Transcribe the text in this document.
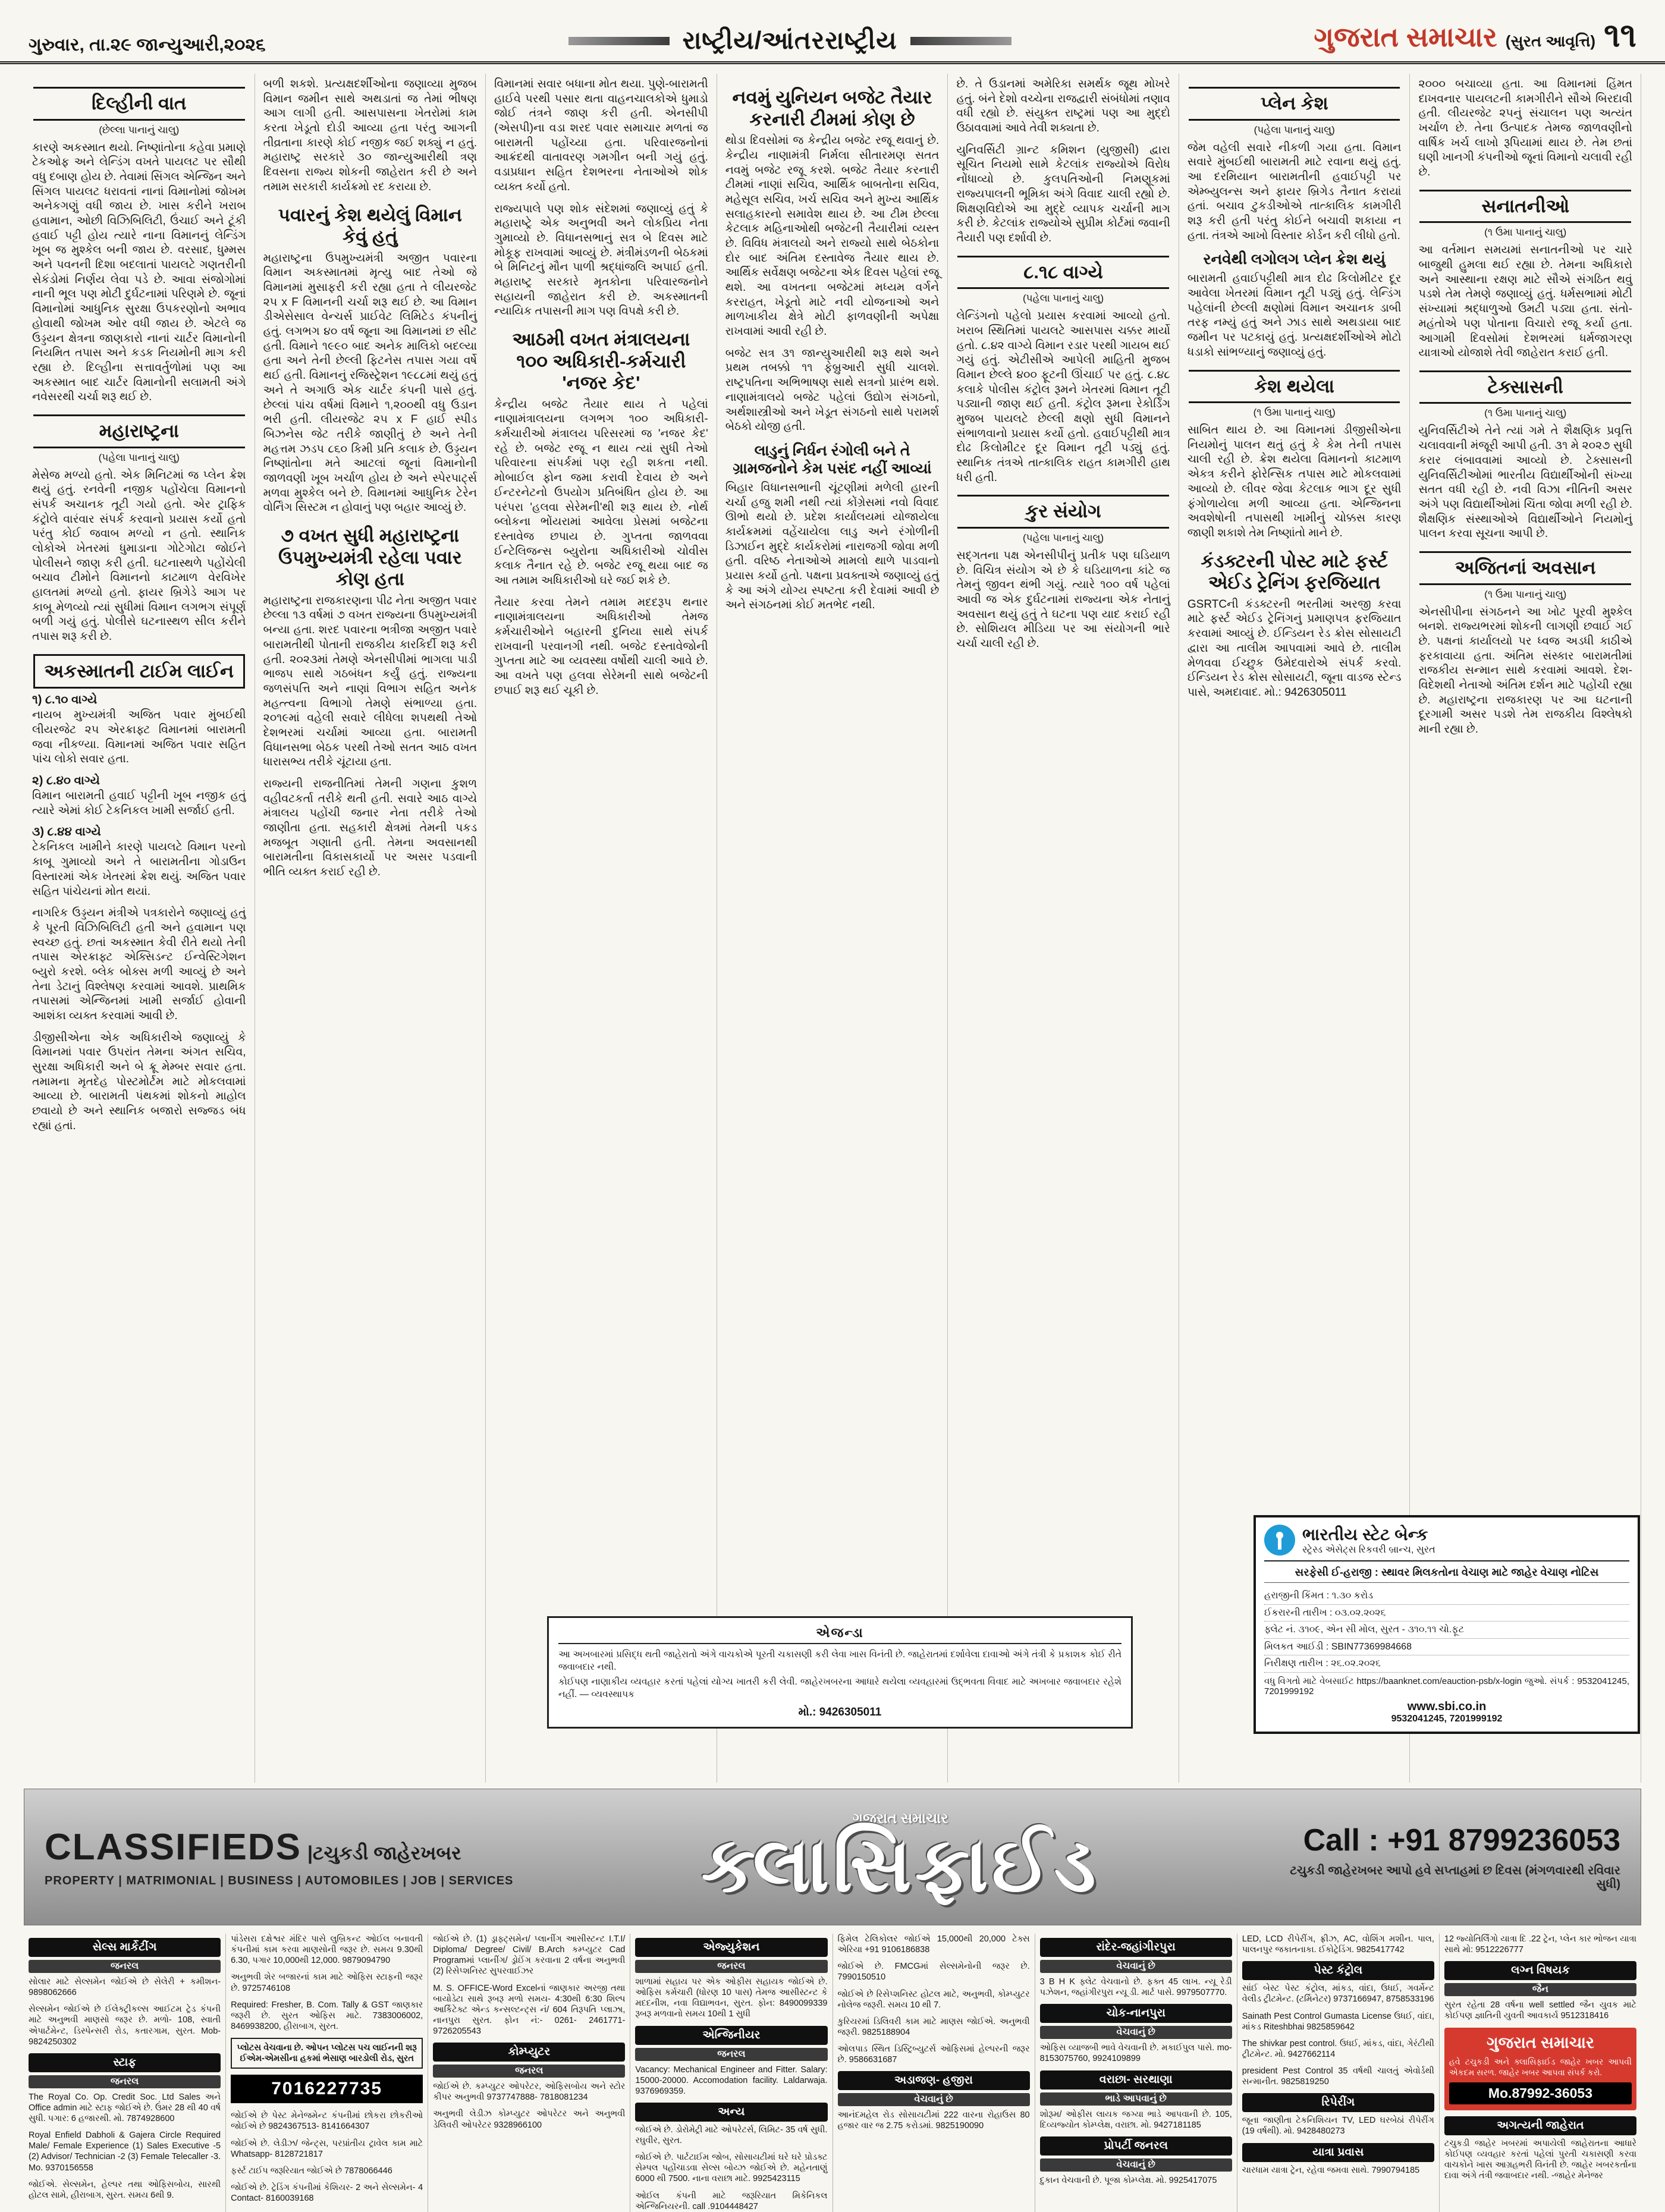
ગુરુવાર, તા.૨૯ જાન્યુઆરી,૨૦૨૬	રાષ્ટ્રીય/આંતરરાષ્ટ્રીય	ગુજરાત સમાચાર (સુરત આવૃત્તિ) ૧૧
દિલ્હીની વાત
(છેલ્લા પાનાનું ચાલુ)
કારણે અકસ્માત થયો. નિષ્ણાંતોના કહેવા પ્રમાણે ટેકઓફ અને લેન્ડિંગ વખતે પાયલટ પર સૌથી વધુ દબાણ હોય છે. તેવામાં સિંગલ એન્જિન અને સિંગલ પાયલટ ધરાવતાં નાનાં વિમાનોમાં જોખમ અનેકગણું વધી જાય છે. ખાસ કરીને ખરાબ હવામાન, ઓછી વિઝિબિલિટી, ઉંચાઈ અને ટૂંકી હવાઈ પટ્ટી હોય ત્યારે નાના વિમાનનું લેન્ડિંગ ખૂબ જ મુશ્કેલ બની જાય છે. વરસાદ, ધુમ્મસ અને પવનની દિશા બદલાતાં પાયલટે ગણતરીની સેકંડોમાં નિર્ણય લેવા પડે છે. આવા સંજોગોમાં નાની ભૂલ પણ મોટી દુર્ઘટનામાં પરિણમે છે. જૂનાં વિમાનોમાં આધુનિક સુરક્ષા ઉપકરણોનો અભાવ હોવાથી જોખમ ઓર વધી જાય છે. એટલે જ ઉડ્ડયન ક્ષેત્રના જાણકારો નાનાં ચાર્ટર વિમાનોની નિયમિત તપાસ અને કડક નિયમોની માગ કરી રહ્યા છે. દિલ્હીના સત્તાવર્તુળોમાં પણ આ અકસ્માત બાદ ચાર્ટર વિમાનોની સલામતી અંગે નવેસરથી ચર્ચા શરૂ થઈ છે.
મહારાષ્ટ્રના
(પહેલા પાનાનું ચાલુ)
મેસેજ મળ્યો હતો. એક મિનિટમાં જ પ્લેન ક્રેશ થયું હતું. રનવેની નજીક પહોંચેલા વિમાનનો સંપર્ક અચાનક તૂટી ગયો હતો. એર ટ્રાફિક કંટ્રોલે વારંવાર સંપર્ક કરવાનો પ્રયાસ કર્યો હતો પરંતુ કોઈ જવાબ મળ્યો ન હતો. સ્થાનિક લોકોએ ખેતરમાં ધુમાડાના ગોટેગોટા જોઈને પોલીસને જાણ કરી હતી. ઘટનાસ્થળે પહોંચેલી બચાવ ટીમોને વિમાનનો કાટમાળ વેરવિખેર હાલતમાં મળ્યો હતો. ફાયર બ્રિગેડે આગ પર કાબૂ મેળવ્યો ત્યાં સુધીમાં વિમાન લગભગ સંપૂર્ણ બળી ગયું હતું. પોલીસે ઘટનાસ્થળ સીલ કરીને તપાસ શરૂ કરી છે.
અકસ્માતની ટાઈમ લાઈન
૧) ૮.૧૦ વાગ્યે
નાયબ મુખ્યમંત્રી અજિત પવાર મુંબઈથી લીયરજેટ ૨૫ એરક્રાફ્ટ વિમાનમાં બારામતી જવા નીકળ્યા. વિમાનમાં અજિત પવાર સહિત પાંચ લોકો સવાર હતા.
૨) ૮.૪૦ વાગ્યે
વિમાન બારામતી હવાઈ પટ્ટીની ખૂબ નજીક હતું ત્યારે એમાં કોઈ ટેકનિકલ ખામી સર્જાઈ હતી.
૩) ૮.૪૪ વાગ્યે
ટેકનિકલ ખામીને કારણે પાયલટે વિમાન પરનો કાબૂ ગુમાવ્યો અને તે બારામતીના ગોડાઉન વિસ્તારમાં એક ખેતરમાં ક્રેશ થયું. અજિત પવાર સહિત પાંચેયનાં મોત થયાં.
નાગરિક ઉડ્ડયન મંત્રીએ પત્રકારોને જણાવ્યું હતું કે પૂરતી વિઝિબિલિટી હતી અને હવામાન પણ સ્વચ્છ હતું. છતાં અકસ્માત કેવી રીતે થયો તેની તપાસ એરક્રાફ્ટ એક્સિડન્ટ ઈન્વેસ્ટિગેશન બ્યુરો કરશે. બ્લેક બોક્સ મળી આવ્યું છે અને તેના ડેટાનું વિશ્લેષણ કરવામાં આવશે. પ્રાથમિક તપાસમાં એન્જિનમાં ખામી સર્જાઈ હોવાની આશંકા વ્યક્ત કરવામાં આવી છે.
ડીજીસીએના એક અધિકારીએ જણાવ્યું કે વિમાનમાં પવાર ઉપરાંત તેમના અંગત સચિવ, સુરક્ષા અધિકારી અને બે ક્રૂ મેમ્બર સવાર હતા. તમામના મૃતદેહ પોસ્ટમોર્ટમ માટે મોકલવામાં આવ્યા છે. બારામતી પંથકમાં શોકનો માહોલ છવાયો છે અને સ્થાનિક બજારો સજ્જડ બંધ રહ્યાં હતાં.
બળી શકશે. પ્રત્યક્ષદર્શીઓના જણાવ્યા મુજબ વિમાન જમીન સાથે અથડાતાં જ તેમાં ભીષણ આગ લાગી હતી. આસપાસના ખેતરોમાં કામ કરતા ખેડૂતો દોડી આવ્યા હતા પરંતુ આગની તીવ્રતાના કારણે કોઈ નજીક જઈ શક્યું ન હતું. મહારાષ્ટ્ર સરકારે ૩૦ જાન્યુઆરીથી ત્રણ દિવસના રાજ્ય શોકની જાહેરાત કરી છે અને તમામ સરકારી કાર્યક્રમો રદ કરાયા છે.
પવારનું કેશ થયેલું વિમાન કેવું હતું
મહારાષ્ટ્રના ઉપમુખ્યમંત્રી અજીત પવારના વિમાન અકસ્માતમાં મૃત્યુ બાદ તેઓ જે વિમાનમાં મુસાફરી કરી રહ્યા હતા તે લીયરજેટ ૨૫ x F વિમાનની ચર્ચા શરૂ થઈ છે. આ વિમાન ડીએસેસાલ વેન્ચર્સ પ્રાઈવેટ લિમિટેડ કંપનીનું હતું. લગભગ ૪૦ વર્ષ જૂના આ વિમાનમાં છ સીટ હતી. વિમાને ૧૯૯૦ બાદ અનેક માલિકો બદલ્યા હતા અને તેની છેલ્લી ફિટનેસ તપાસ ગયા વર્ષે થઈ હતી. વિમાનનું રજિસ્ટ્રેશન ૧૯૮૮માં થયું હતું અને તે અગાઉ એક ચાર્ટર કંપની પાસે હતું. છેલ્લાં પાંચ વર્ષમાં વિમાને ૧,૨૦૦થી વધુ ઉડાન ભરી હતી. લીયરજેટ ૨૫ x F હાઈ સ્પીડ બિઝનેસ જેટ તરીકે જાણીતું છે અને તેની મહત્તમ ઝડપ ૮૬૦ કિમી પ્રતિ કલાક છે. ઉડ્ડયન નિષ્ણાંતોના મતે આટલાં જૂનાં વિમાનોની જાળવણી ખૂબ ખર્ચાળ હોય છે અને સ્પેરપાર્ટ્સ મળવા મુશ્કેલ બને છે. વિમાનમાં આધુનિક ટેરેન વોર્નિંગ સિસ્ટમ ન હોવાનું પણ બહાર આવ્યું છે.
૭ વખત સુધી મહારાષ્ટ્રના ઉપમુખ્યમંત્રી રહેલા પવાર કોણ હતા
મહારાષ્ટ્રના રાજકારણના પીઢ નેતા અજીત પવાર છેલ્લા ૧૩ વર્ષમાં ૭ વખત રાજ્યના ઉપમુખ્યમંત્રી બન્યા હતા. શરદ પવારના ભત્રીજા અજીત પવારે બારામતીથી પોતાની રાજકીય કારકિર્દી શરૂ કરી હતી. ૨૦૨૩માં તેમણે એનસીપીમાં ભાગલા પાડી ભાજપ સાથે ગઠબંધન કર્યું હતું. રાજ્યના જળસંપત્તિ અને નાણાં વિભાગ સહિત અનેક મહત્ત્વના વિભાગો તેમણે સંભાળ્યા હતા. ૨૦૧૯માં વહેલી સવારે લીધેલા શપથથી તેઓ દેશભરમાં ચર્ચામાં આવ્યા હતા. બારામતી વિધાનસભા બેઠક પરથી તેઓ સતત આઠ વખત ધારાસભ્ય તરીકે ચૂંટાયા હતા.
રાજ્યની રાજનીતિમાં તેમની ગણના કુશળ વહીવટકર્તા તરીકે થતી હતી. સવારે આઠ વાગ્યે મંત્રાલય પહોંચી જનાર નેતા તરીકે તેઓ જાણીતા હતા. સહકારી ક્ષેત્રમાં તેમની પકડ મજબૂત ગણાતી હતી. તેમના અવસાનથી બારામતીના વિકાસકાર્યો પર અસર પડવાની ભીતિ વ્યક્ત કરાઈ રહી છે.
વિમાનમાં સવાર બધાના મોત થયા. પુણે-બારામતી હાઈવે પરથી પસાર થતા વાહનચાલકોએ ધુમાડો જોઈ તંત્રને જાણ કરી હતી. એનસીપી (એસપી)ના વડા શરદ પવાર સમાચાર મળતાં જ બારામતી પહોંચ્યા હતા. પરિવારજનોનાં આક્રંદથી વાતાવરણ ગમગીન બની ગયું હતું. વડાપ્રધાન સહિત દેશભરના નેતાઓએ શોક વ્યક્ત કર્યો હતો.
રાજ્યપાલે પણ શોક સંદેશમાં જણાવ્યું હતું કે મહારાષ્ટ્રે એક અનુભવી અને લોકપ્રિય નેતા ગુમાવ્યો છે. વિધાનસભાનું સત્ર બે દિવસ માટે મોકૂફ રાખવામાં આવ્યું છે. મંત્રીમંડળની બેઠકમાં બે મિનિટનું મૌન પાળી શ્રદ્ધાંજલિ અપાઈ હતી. મહારાષ્ટ્ર સરકારે મૃતકોના પરિવારજનોને સહાયની જાહેરાત કરી છે. અકસ્માતની ન્યાયિક તપાસની માગ પણ વિપક્ષે કરી છે.
આઠમી વખત મંત્રાલયના ૧૦૦ અધિકારી-કર્મચારી 'નજર કેદ'
કેન્દ્રીય બજેટ તૈયાર થાય તે પહેલાં નાણામંત્રાલયના લગભગ ૧૦૦ અધિકારી-કર્મચારીઓ મંત્રાલય પરિસરમાં જ 'નજર કેદ' રહે છે. બજેટ રજૂ ન થાય ત્યાં સુધી તેઓ પરિવારના સંપર્કમાં પણ રહી શકતા નથી. મોબાઈલ ફોન જમા કરાવી દેવાય છે અને ઈન્ટરનેટનો ઉપયોગ પ્રતિબંધિત હોય છે. આ પરંપરા 'હલવા સેરેમની'થી શરૂ થાય છે. નોર્થ બ્લોકના ભોંયરામાં આવેલા પ્રેસમાં બજેટના દસ્તાવેજ છપાય છે. ગુપ્તતા જાળવવા ઈન્ટેલિજન્સ બ્યુરોના અધિકારીઓ ચોવીસ કલાક તૈનાત રહે છે. બજેટ રજૂ થયા બાદ જ આ તમામ અધિકારીઓ ઘરે જઈ શકે છે.
તૈયાર કરવા તેમને તમામ મદદરૂપ થનાર નાણામંત્રાલયના અધિકારીઓ તેમજ કર્મચારીઓને બહારની દુનિયા સાથે સંપર્ક રાખવાની પરવાનગી નથી. બજેટ દસ્તાવેજોની ગુપ્તતા માટે આ વ્યવસ્થા વર્ષોથી ચાલી આવે છે. આ વખતે પણ હલવા સેરેમની સાથે બજેટની છપાઈ શરૂ થઈ ચૂકી છે.
નવમું યુનિયન બજેટ તૈયાર કરનારી ટીમમાં કોણ છે
થોડા દિવસોમાં જ કેન્દ્રીય બજેટ રજૂ થવાનું છે. કેન્દ્રીય નાણામંત્રી નિર્મલા સીતારમણ સતત નવમું બજેટ રજૂ કરશે. બજેટ તૈયાર કરનારી ટીમમાં નાણાં સચિવ, આર્થિક બાબતોના સચિવ, મહેસૂલ સચિવ, ખર્ચ સચિવ અને મુખ્ય આર્થિક સલાહકારનો સમાવેશ થાય છે. આ ટીમ છેલ્લા કેટલાક મહિનાઓથી બજેટની તૈયારીમાં વ્યસ્ત છે. વિવિધ મંત્રાલયો અને રાજ્યો સાથે બેઠકોના દોર બાદ અંતિમ દસ્તાવેજ તૈયાર થાય છે. આર્થિક સર્વેક્ષણ બજેટના એક દિવસ પહેલાં રજૂ થશે. આ વખતના બજેટમાં મધ્યમ વર્ગને કરરાહત, ખેડૂતો માટે નવી યોજનાઓ અને માળખાકીય ક્ષેત્રે મોટી ફાળવણીની અપેક્ષા રાખવામાં આવી રહી છે.
બજેટ સત્ર ૩૧ જાન્યુઆરીથી શરૂ થશે અને પ્રથમ તબક્કો ૧૧ ફેબ્રુઆરી સુધી ચાલશે. રાષ્ટ્રપતિના અભિભાષણ સાથે સત્રનો પ્રારંભ થશે. નાણામંત્રાલયે બજેટ પહેલાં ઉદ્યોગ સંગઠનો, અર્થશાસ્ત્રીઓ અને ખેડૂત સંગઠનો સાથે પરામર્શ બેઠકો યોજી હતી.
લાડુનું નિર્ધન રંગોલી બને તે ગ્રામજનોને કેમ પસંદ નહીં આવ્યાં
બિહાર વિધાનસભાની ચૂંટણીમાં મળેલી હારની ચર્ચા હજુ શમી નથી ત્યાં કોંગ્રેસમાં નવો વિવાદ ઊભો થયો છે. પ્રદેશ કાર્યાલયમાં યોજાયેલા કાર્યક્રમમાં વહેંચાયેલા લાડુ અને રંગોળીની ડિઝાઈન મુદ્દે કાર્યકરોમાં નારાજગી જોવા મળી હતી. વરિષ્ઠ નેતાઓએ મામલો થાળે પાડવાનો પ્રયાસ કર્યો હતો. પક્ષના પ્રવક્તાએ જણાવ્યું હતું કે આ અંગે યોગ્ય સ્પષ્ટતા કરી દેવામાં આવી છે અને સંગઠનમાં કોઈ મતભેદ નથી.
છે. તે ઉડાનમાં અમેરિકા સમર્થક જૂથ મોખરે હતું. બંને દેશો વચ્ચેના રાજદ્વારી સંબંધોમાં તણાવ વધી રહ્યો છે. સંયુક્ત રાષ્ટ્રમાં પણ આ મુદ્દો ઉઠાવવામાં આવે તેવી શક્યતા છે.
યુનિવર્સિટી ગ્રાન્ટ કમિશન (યુજીસી) દ્વારા સૂચિત નિયમો સામે કેટલાંક રાજ્યોએ વિરોધ નોંધાવ્યો છે. કુલપતિઓની નિમણૂકમાં રાજ્યપાલની ભૂમિકા અંગે વિવાદ ચાલી રહ્યો છે. શિક્ષણવિદોએ આ મુદ્દે વ્યાપક ચર્ચાની માગ કરી છે. કેટલાંક રાજ્યોએ સુપ્રીમ કોર્ટમાં જવાની તૈયારી પણ દર્શાવી છે.
૮.૧૮ વાગ્યે
(પહેલા પાનાનું ચાલુ)
લેન્ડિંગનો પહેલો પ્રયાસ કરવામાં આવ્યો હતો. ખરાબ સ્થિતિમાં પાયલટે આસપાસ ચક્કર માર્યો હતો. ૮.૪૨ વાગ્યે વિમાન રડાર પરથી ગાયબ થઈ ગયું હતું. એટીસીએ આપેલી માહિતી મુજબ વિમાન છેલ્લે ૪૦૦ ફૂટની ઊંચાઈ પર હતું. ૮.૪૮ કલાકે પોલીસ કંટ્રોલ રૂમને ખેતરમાં વિમાન તૂટી પડ્યાની જાણ થઈ હતી. કંટ્રોલ રૂમના રેકોર્ડિંગ મુજબ પાયલટે છેલ્લી ક્ષણો સુધી વિમાનને સંભાળવાનો પ્રયાસ કર્યો હતો. હવાઈપટ્ટીથી માત્ર દોઢ કિલોમીટર દૂર વિમાન તૂટી પડ્યું હતું. સ્થાનિક તંત્રએ તાત્કાલિક રાહત કામગીરી હાથ ધરી હતી.
કુર સંયોગ
(પહેલા પાનાનું ચાલુ)
સદ્ગતના પક્ષ એનસીપીનું પ્રતીક પણ ઘડિયાળ છે. વિચિત્ર સંયોગ એ છે કે ઘડિયાળના કાંટે જ તેમનું જીવન થંભી ગયું. ત્યારે ૧૦૦ વર્ષ પહેલાં આવી જ એક દુર્ઘટનામાં રાજ્યના એક નેતાનું અવસાન થયું હતું તે ઘટના પણ યાદ કરાઈ રહી છે. સોશિયલ મીડિયા પર આ સંયોગની ભારે ચર્ચા ચાલી રહી છે.
પ્લેન કેશ
(પહેલા પાનાનું ચાલુ)
જેમ વહેલી સવારે નીકળી ગયા હતા. વિમાન સવારે મુંબઈથી બારામતી માટે રવાના થયું હતું. આ દરમિયાન બારામતીની હવાઈપટ્ટી પર એમ્બ્યુલન્સ અને ફાયર બ્રિગેડ તૈનાત કરાયાં હતાં. બચાવ ટુકડીઓએ તાત્કાલિક કામગીરી શરૂ કરી હતી પરંતુ કોઈને બચાવી શકાયા ન હતા. તંત્રએ આખો વિસ્તાર કોર્ડન કરી લીધો હતો.
રનવેથી લગોલગ પ્લેન ક્રેશ થયું
બારામતી હવાઈપટ્ટીથી માત્ર દોઢ કિલોમીટર દૂર આવેલા ખેતરમાં વિમાન તૂટી પડ્યું હતું. લેન્ડિંગ પહેલાંની છેલ્લી ક્ષણોમાં વિમાન અચાનક ડાબી તરફ નમ્યું હતું અને ઝાડ સાથે અથડાયા બાદ જમીન પર પટકાયું હતું. પ્રત્યક્ષદર્શીઓએ મોટો ધડાકો સાંભળ્યાનું જણાવ્યું હતું.
કેશ થયેલા
(૧ ઉમા પાનાનું ચાલુ)
સાબિત થાય છે. આ વિમાનમાં ડીજીસીએના નિયમોનું પાલન થતું હતું કે કેમ તેની તપાસ ચાલી રહી છે. ક્રેશ થયેલા વિમાનનો કાટમાળ એકત્ર કરીને ફોરેન્સિક તપાસ માટે મોકલવામાં આવ્યો છે. લીવર જેવા કેટલાક ભાગ દૂર સુધી ફંગોળાયેલા મળી આવ્યા હતા. એન્જિનના અવશેષોની તપાસથી ખામીનું ચોક્કસ કારણ જાણી શકાશે તેમ નિષ્ણાંતો માને છે.
કંડક્ટરની પોસ્ટ માટે ફર્સ્ટ એઈડ ટ્રેનિંગ ફરજિયાત
GSRTCની કંડક્ટરની ભરતીમાં અરજી કરવા માટે ફર્સ્ટ એઈડ ટ્રેનિંગનું પ્રમાણપત્ર ફરજિયાત કરવામાં આવ્યું છે. ઈન્ડિયન રેડ ક્રોસ સોસાયટી દ્વારા આ તાલીમ આપવામાં આવે છે. તાલીમ મેળવવા ઈચ્છુક ઉમેદવારોએ સંપર્ક કરવો. ઈન્ડિયન રેડ ક્રોસ સોસાયટી, જૂના વાડજ સ્ટેન્ડ પાસે, અમદાવાદ. મો.: 9426305011
૨૦૦૦ બચાવ્યા હતા. આ વિમાનમાં હિંમત દાખવનાર પાયલટની કામગીરીને સૌએ બિરદાવી હતી. લીયરજેટ ૨૫નું સંચાલન પણ અત્યંત ખર્ચાળ છે. તેના ઉત્પાદક તેમજ જાળવણીનો વાર્ષિક ખર્ચ લાખો રૂપિયામાં થાય છે. તેમ છતાં ઘણી ખાનગી કંપનીઓ જૂનાં વિમાનો ચલાવી રહી છે.
સનાતનીઓ
(૧ ઉમા પાનાનું ચાલુ)
આ વર્તમાન સમયમાં સનાતનીઓ પર ચારે બાજુથી હુમલા થઈ રહ્યા છે. તેમના અધિકારો અને આસ્થાના રક્ષણ માટે સૌએ સંગઠિત થવું પડશે તેમ તેમણે જણાવ્યું હતું. ધર્મસભામાં મોટી સંખ્યામાં શ્રદ્ધાળુઓ ઉમટી પડ્યા હતા. સંતો-મહંતોએ પણ પોતાના વિચારો રજૂ કર્યા હતા. આગામી દિવસોમાં દેશભરમાં ધર્મજાગરણ યાત્રાઓ યોજાશે તેવી જાહેરાત કરાઈ હતી.
ટેક્સાસની
(૧ ઉમા પાનાનું ચાલુ)
યુનિવર્સિટીએ તેને ત્યાં ગમે તે શૈક્ષણિક પ્રવૃત્તિ ચલાવવાની મંજૂરી આપી હતી. ૩૧ મે ૨૦૨૭ સુધી કરાર લ‍ંબાવવામાં આવ્યો છે. ટેક્સાસની યુનિવર્સિટીઓમાં ભારતીય વિદ્યાર્થીઓની સંખ્યા સતત વધી રહી છે. નવી વિઝા નીતિની અસર અંગે પણ વિદ્યાર્થીઓમાં ચિંતા જોવા મળી રહી છે. શૈક્ષણિક સંસ્થાઓએ વિદ્યાર્થીઓને નિયમોનું પાલન કરવા સૂચના આપી છે.
અજિતનાં અવસાન
(૧ ઉમા પાનાનું ચાલુ)
એનસીપીના સંગઠનને આ ખોટ પૂરવી મુશ્કેલ બનશે. રાજ્યભરમાં શોકની લાગણી છવાઈ ગઈ છે. પક્ષનાં કાર્યાલયો પર ધ્વજ અડધી કાઠીએ ફરકાવાયા હતા. અંતિમ સંસ્કાર બારામતીમાં રાજકીય સન્માન સાથે કરવામાં આવશે. દેશ-વિદેશથી નેતાઓ અંતિમ દર્શન માટે પહોંચી રહ્યા છે. મહારાષ્ટ્રના રાજકારણ પર આ ઘટનાની દૂરગામી અસર પડશે તેમ રાજકીય વિશ્લેષકો માની રહ્યા છે.
એજન્ડા
આ અખબારમાં પ્રસિદ્ધ થતી જાહેરાતો અંગે વાચકોએ પૂરતી ચકાસણી કરી લેવા ખાસ વિનંતી છે. જાહેરાતમાં દર્શાવેલા દાવાઓ અંગે તંત્રી કે પ્રકાશક કોઈ રીતે જવાબદાર નથી.
કોઈપણ નાણાકીય વ્યવહાર કરતાં પહેલાં યોગ્ય ખાતરી કરી લેવી. જાહેરખબરના આધારે થયેલા વ્યવહારમાં ઉદ્ભવતા વિવાદ માટે અખબાર જવાબદાર રહેશે નહીં. — વ્યવસ્થાપક
મો.: 9426305011
ભારતીય સ્ટેટ બેન્ક
સ્ટ્રેસ્ડ એસેટ્સ રિકવરી બ્રાન્ચ, સુરત
સરફેસી ઈ-હરાજી : સ્થાવર મિલકતોના વેચાણ માટે જાહેર વેચાણ નોટિસ
હરાજીની કિંમત : ૧.૩૦ કરોડ
ઈકરારની તારીખ : ૦૩.૦૨.૨૦૨૬
ફ્લેટ નં. ૩૧૦૯, એન સી મોલ, સુરત - ૩૧૦.૧૧ ચો.ફૂટ
મિલકત આઈડી : SBIN77369984668
નિરીક્ષણ તારીખ : ૨૬.૦૨.૨૦૨૬
વધુ વિગતો માટે વેબસાઈટ https://baanknet.com/eauction-psb/x-login જુઓ. સંપર્ક : 9532041245, 7201999192
www.sbi.co.in
9532041245, 7201999192
CLASSIFIEDS |ટચુકડી જાહેરખબર
PROPERTY | MATRIMONIAL | BUSINESS | AUTOMOBILES | JOB | SERVICES
ગુજરાત સમાચાર
ક્લાસિફાઈડ	Call : +91 8799236053
ટચુકડી જાહેરખબર આપો હવે સપ્તાહમાં છ દિવસ (મંગળવારથી રવિવાર સુધી)
સેલ્સ માર્કેટીંગ
જનરલ
સોલાર માટે સેલ્સમેન જોઈએ છે સેલેરી + કમીશન- 9898062666
સેલ્સમેન જોઈએ છે ઈલેક્ટ્રીકલ્સ આઈટમ ટ્રેડ કંપની માટે અનુભવી માણસો જરૂર છે. મળો- 108, સ્વાતી એપાર્ટમેન્ટ, ડિસ્પેન્સરી રોડ, કતારગામ, સુરત. Mob- 9824250302
સ્ટાફ
જનરલ
The Royal Co. Op. Credit Soc. Ltd Sales અને Office admin માટે સ્ટાફ જોઈએ છે. ઉંમર 28 થી 40 વર્ષ સુધી. પગાર: 6 હજારથી. મો. 7874928600
Royal Enfield Dabholi & Gajera Circle Required Male/ Female Experience (1) Sales Executive -5 (2) Advisor/ Technician -2 (3) Female Telecaller -3. Mo. 9370156558
જોઈએ. સેલ્સમેન, હેલ્પર તથા ઓફિસબોય, સારથી હોટલ સામે, હીરાબાગ, સુરત. સમય 6થી 9.
પાંડેસરા દક્ષેશ્વર મંદિર પાસે લુબ્રિકન્ટ ઓઈલ બનાવતી કંપનીમાં કામ કરવા માણસોની જરૂર છે. સમય 9.30થી 6.30, પગાર 10,000થી 12,000. 9879094790
અનુભવી શેર બજારનાં કામ માટે ઓફિસ સ્ટાફની જરૂર છે. 9725746108
Required: Fresher, B. Com. Tally & GST જાણકાર જરૂરી છે. સુરત ઓફિસ માટે. 7383006002, 8469938200, હીરાબાગ, સુરત.
પ્લોટસ વેચવાના છે. ઓપન પ્લોટસ પચ લાઈનની શરૂ ઈએમ-એમસીના હકમાં ભેસાણ બારડોલી રોડ, સુરત
7016227735
જોઈએ છે પેસ્ટ મેનેજમેન્ટ કંપનીમાં છોકરા છોકરીઓ જોઈએ છે 9824367513- 8141664307
જોઈએ છે. લેડીઝ/ જેન્ટ્સ, પરપ્રાંતીય ટ્રાવેલ કામ માટે Whatsapp- 8128721817
ફર્સ્ટ ટાઈપ જરૂરિયાત જોઈએ છે 7878066446
જોઈએ છે. ટ્રેડિંગ કંપનીમાં કેશિયર- 2 અને સેલ્સમેન- 4 Contact- 8160039168
જોઈએ છે. (1) ડ્રાફ્ટ્સમેન/ પ્લાનીંગ આસીસ્ટન્ટ I.T.I/ Diploma/ Degree/ Civil/ B.Arch કમ્પ્યુટર Cad Programમાં પ્લાનીંગ/ ડ્રોઈંગ કરવાના 2 વર્ષના અનુભવી (2) રિસેપ્શનિસ્ટ સુપરવાઈઝર
M. S. OFFICE-Word Excelનાં જાણકાર અરજી તથા બાયોડેટા સાથે રૂબરૂ મળો સમય- 4:30થી 6:30 શિલ્પ આર્કિટેક્ટ એન્ડ કન્સલ્ટન્ટ્સ નં/ 604 તિરૂપતિ પ્લાઝા, નાનપુરા સુરત. ફોન નં:- 0261- 2461771- 9726205543
કોમ્પ્યુટર
જનરલ
જોઈએ છે. કમ્પ્યુટર ઓપરેટર, ઓફિસબોય અને સ્ટોર કીપર અનુભવી 9737747888- 7818081234
અનુભવી લેડીઝ કોમ્પ્યુટર ઓપરેટર અને અનુભવી ડેલિવરી ઓપરેટર 9328966100
એજ્યુકેશન
જનરલ
શાળામાં સહાય પર એક ઓફીસ સહાયક જોઈએ છે. ઓફિસ કર્મચારી (ધોરણ 10 પાસ) તેમજ આસીસ્ટન્ટ કે મદદનીશ, નવા વિદ્યાભવન, સુરત. ફોન: 8490099339 રૂબરૂ મળવાનો સમય 10થી 1 સુધી
એન્જિનીયર
જનરલ
Vacancy: Mechanical Engineer and Fitter. Salary: 15000-20000. Accomodation facility. Laldarwaja. 9376969359.
અન્ય
જોઈએ છે. ડોરોમેટ્રી માટે ઓપરેટર્સ, લિમિટ- 35 વર્ષ સુધી. રઘુવીર, સુરત.
જોઈએ છે. પાર્ટટાઈમ જોબ, સોસાયટીમાં ઘરે ઘરે પ્રોડક્ટ સેમ્પલ પહોંચાડવા સેલ્સ બોય્ઝ જોઈએ છે. મહેનતાણું 6000 થી 7500. નાના વરાછા માટે. 9925423115
ઓઈલ કંપની માટે જરૂરિયાત મિકેનિકલ એન્જિનિયરની. call .9104448427
ફિમેલ ટેલિકોલર જોઈએ 15,000થી 20,000 ટેક્સ એરિયા +91 9106186838
જોઈએ છે. FMCGમાં સેલ્સમેનોની જરૂર છે. 7990150510
જોઈએ છે રિસેપ્શનિસ્ટ હોટલ માટે, અનુભવી, કોમ્પ્યુટર નોલેજ જરૂરી. સમય 10 થી 7.
કુરિયરમાં ડિલિવરી કામ માટે માણસ જોઈએ. અનુભવી જરૂરી. 9825188904
ઓલપાડ સ્થિત ડિસ્ટ્રિબ્યુટર્સ ઓફિસમાં હેલ્પરની જરૂર છે. 9586631687
અડાજણ- હજીરા
વેચવાનું છે
આનંદમહેલ રોડ સોસાયટીમાં 222 વારના રોહાઉસ 80 હજાર વાર જ 2.75 કરોડમાં. 9825190090
રાંદેર-જહાંગીરપુરા
વેચવાનું છે
3 B H K ફ્લેટ વેચવાનો છે. ફક્ત 45 લાખ. ન્યૂ રેડી પઝેશન, જહાંગીરપુરા ન્યૂ ડી. માર્ટ પાસે. 9979507770.
ચોક-નાનપુરા
વેચવાનું છે
ઓફિસ વ્યાજબી ભાવે વેચવાની છે. મકાઈપુલ પાસે. mo- 8153075760, 9924109899
વરાછા- સરથાણા
ભાડે આપવાનું છે
શોરૂમ/ ઓફીસ લાયક જગ્યા ભાડે આપવાની છે. 105, દિવ્યજ્યોત કોમ્પ્લેક્ષ, વરાછા. મો. 9427181185
પ્રોપર્ટી જનરલ
વેચવાનું છે
દુકાન વેચવાની છે. પૂજા કોમ્પ્લેક્ષ. મો. 9925417075
LED, LCD રીપેરીંગ, ફ્રીઝ, AC, વોશિંગ મશીન. પાલ, પાલનપુર જકાતનાકા. ઈકોટ્રેડિંગ. 9825417742
પેસ્ટ કંટ્રોલ
સાંઈ બેસ્ટ પેસ્ટ કંટ્રોલ, માંકડ, વાંદા, ઉધઈ, ગવર્મેન્ટ વેલીડ ટ્રીટમેન્ટ. (ટર્મિનેટર) 9737166947, 8758533196
Sainath Pest Control Gumasta License ઉધઈ, વાંદા, માંકડ Riteshbhai 9825859642
The shivkar pest control. ઉધઈ, માંકડ, વાંદા, ગેરંટીથી ટ્રીટમેન્ટ. મો. 9427662114
president Pest Control 35 વર્ષથી ચાલતું એવોર્ડથી સન્માનીત. 9825819250
રિપેરીંગ
જૂના જાણીતા ટેકનિશિયન TV, LED ઘરબેઠાં રીપેરીંગ (19 વર્ષથી). મો. 9428480273
યાત્રા પ્રવાસ
ચારધામ યાત્રા ટ્રેન, રહેવા જમવા સાથે. 7990794185
12 જ્યોતિર્લિંગો યાત્રા દિ .22 ટ્રેન, પ્લેન કાર ભોજન યાત્રા સાથે મો: 9512226777
લગ્ન વિષયક
જૈન
સુરત રહેતા 28 વર્ષના well settled જૈન યુવક માટે કોઈપણ જ્ઞાતિની યુવતી આવકાર્ય 9512318416
ગુજરાત સમાચાર
હવે ટચુકડી અને ક્લાસિફાઈડ જાહેર ખબર આપવી એકદમ સરળ. જાહેર ખબર આપવા સંપર્ક કરો.
Mo.87992-36053
અગત્યની જાહેરાત
ટચુકડી જાહેર ખબરમાં અપાયેલી જાહેરાતના આધારે કોઈપણ વ્યવહાર કરતાં પહેલાં પુરતી ચકાસણી કરવા વાચકોને ખાસ આગ્રહભરી વિનંતી છે. જાહેર ખબરકર્તાના દાવા અંગે તંત્રી જવાબદાર નથી. -જાહેર મેનેજર
